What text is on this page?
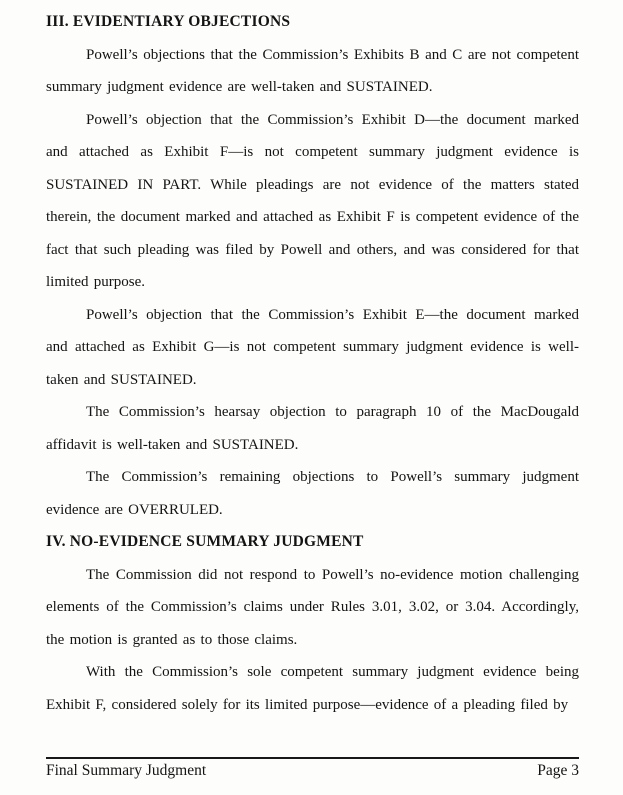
III. EVIDENTIARY OBJECTIONS

Powell’s objections that the Commission’s Exhibits B and C are not competent summary judgment evidence are well-taken and SUSTAINED.

Powell’s objection that the Commission’s Exhibit D—the document marked and attached as Exhibit F—is not competent summary judgment evidence is SUSTAINED IN PART. While pleadings are not evidence of the matters stated therein, the document marked and attached as Exhibit F is competent evidence of the fact that such pleading was filed by Powell and others, and was considered for that limited purpose.

Powell’s objection that the Commission’s Exhibit E—the document marked and attached as Exhibit G—is not competent summary judgment evidence is well-taken and SUSTAINED.

The Commission’s hearsay objection to paragraph 10 of the MacDougald affidavit is well-taken and SUSTAINED.

The Commission’s remaining objections to Powell’s summary judgment evidence are OVERRULED.

IV. NO-EVIDENCE SUMMARY JUDGMENT

The Commission did not respond to Powell’s no-evidence motion challenging elements of the Commission’s claims under Rules 3.01, 3.02, or 3.04. Accordingly, the motion is granted as to those claims.

With the Commission’s sole competent summary judgment evidence being Exhibit F, considered solely for its limited purpose—evidence of a pleading filed by

Final Summary Judgment	Page 3
